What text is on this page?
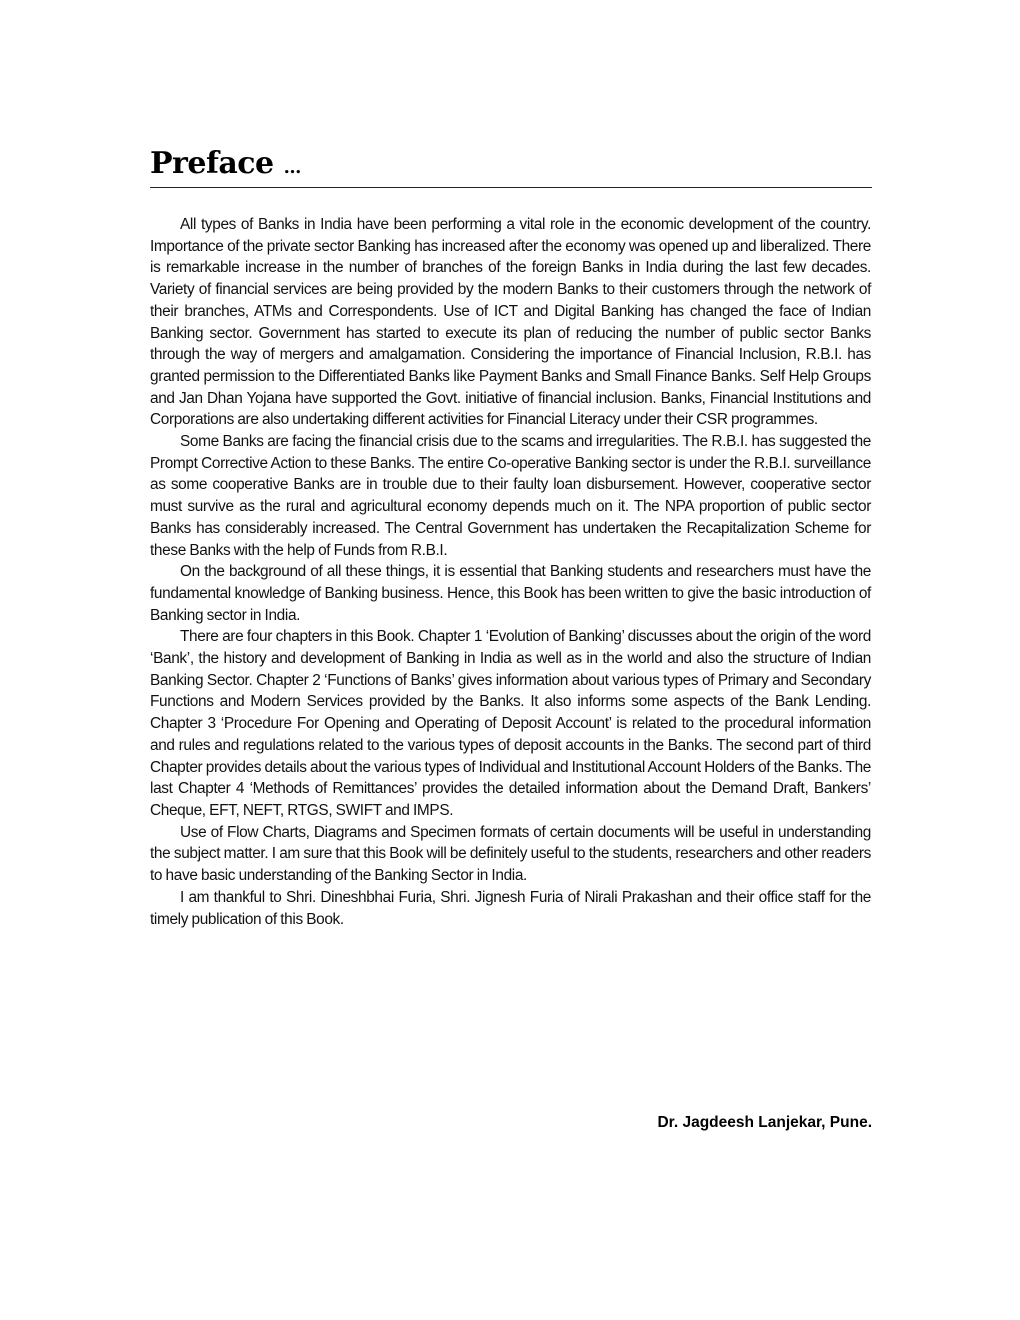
Preface ...

All types of Banks in India have been performing a vital role in the economic development of the country. Importance of the private sector Banking has increased after the economy was opened up and liberalized. There is remarkable increase in the number of branches of the foreign Banks in India during the last few decades. Variety of financial services are being provided by the modern Banks to their customers through the network of their branches, ATMs and Correspondents. Use of ICT and Digital Banking has changed the face of Indian Banking sector. Government has started to execute its plan of reducing the number of public sector Banks through the way of mergers and amalgamation. Considering the importance of Financial Inclusion, R.B.I. has granted permission to the Differentiated Banks like Payment Banks and Small Finance Banks. Self Help Groups and Jan Dhan Yojana have supported the Govt. initiative of financial inclusion. Banks, Financial Institutions and Corporations are also undertaking different activities for Financial Literacy under their CSR programmes.

Some Banks are facing the financial crisis due to the scams and irregularities. The R.B.I. has suggested the Prompt Corrective Action to these Banks. The entire Co-operative Banking sector is under the R.B.I. surveillance as some cooperative Banks are in trouble due to their faulty loan disbursement. However, cooperative sector must survive as the rural and agricultural economy depends much on it. The NPA proportion of public sector Banks has considerably increased. The Central Government has undertaken the Recapitalization Scheme for these Banks with the help of Funds from R.B.I.

On the background of all these things, it is essential that Banking students and researchers must have the fundamental knowledge of Banking business. Hence, this Book has been written to give the basic introduction of Banking sector in India.

There are four chapters in this Book. Chapter 1 ‘Evolution of Banking’ discusses about the origin of the word ‘Bank’, the history and development of Banking in India as well as in the world and also the structure of Indian Banking Sector. Chapter 2 ‘Functions of Banks’ gives information about various types of Primary and Secondary Functions and Modern Services provided by the Banks. It also informs some aspects of the Bank Lending. Chapter 3 ‘Procedure For Opening and Operating of Deposit Account’ is related to the procedural information and rules and regulations related to the various types of deposit accounts in the Banks. The second part of third Chapter provides details about the various types of Individual and Institutional Account Holders of the Banks. The last Chapter 4 ‘Methods of Remittances’ provides the detailed information about the Demand Draft, Bankers’ Cheque, EFT, NEFT, RTGS, SWIFT and IMPS.

Use of Flow Charts, Diagrams and Specimen formats of certain documents will be useful in understanding the subject matter. I am sure that this Book will be definitely useful to the students, researchers and other readers to have basic understanding of the Banking Sector in India.

I am thankful to Shri. Dineshbhai Furia, Shri. Jignesh Furia of Nirali Prakashan and their office staff for the timely publication of this Book.

Dr. Jagdeesh Lanjekar, Pune.
